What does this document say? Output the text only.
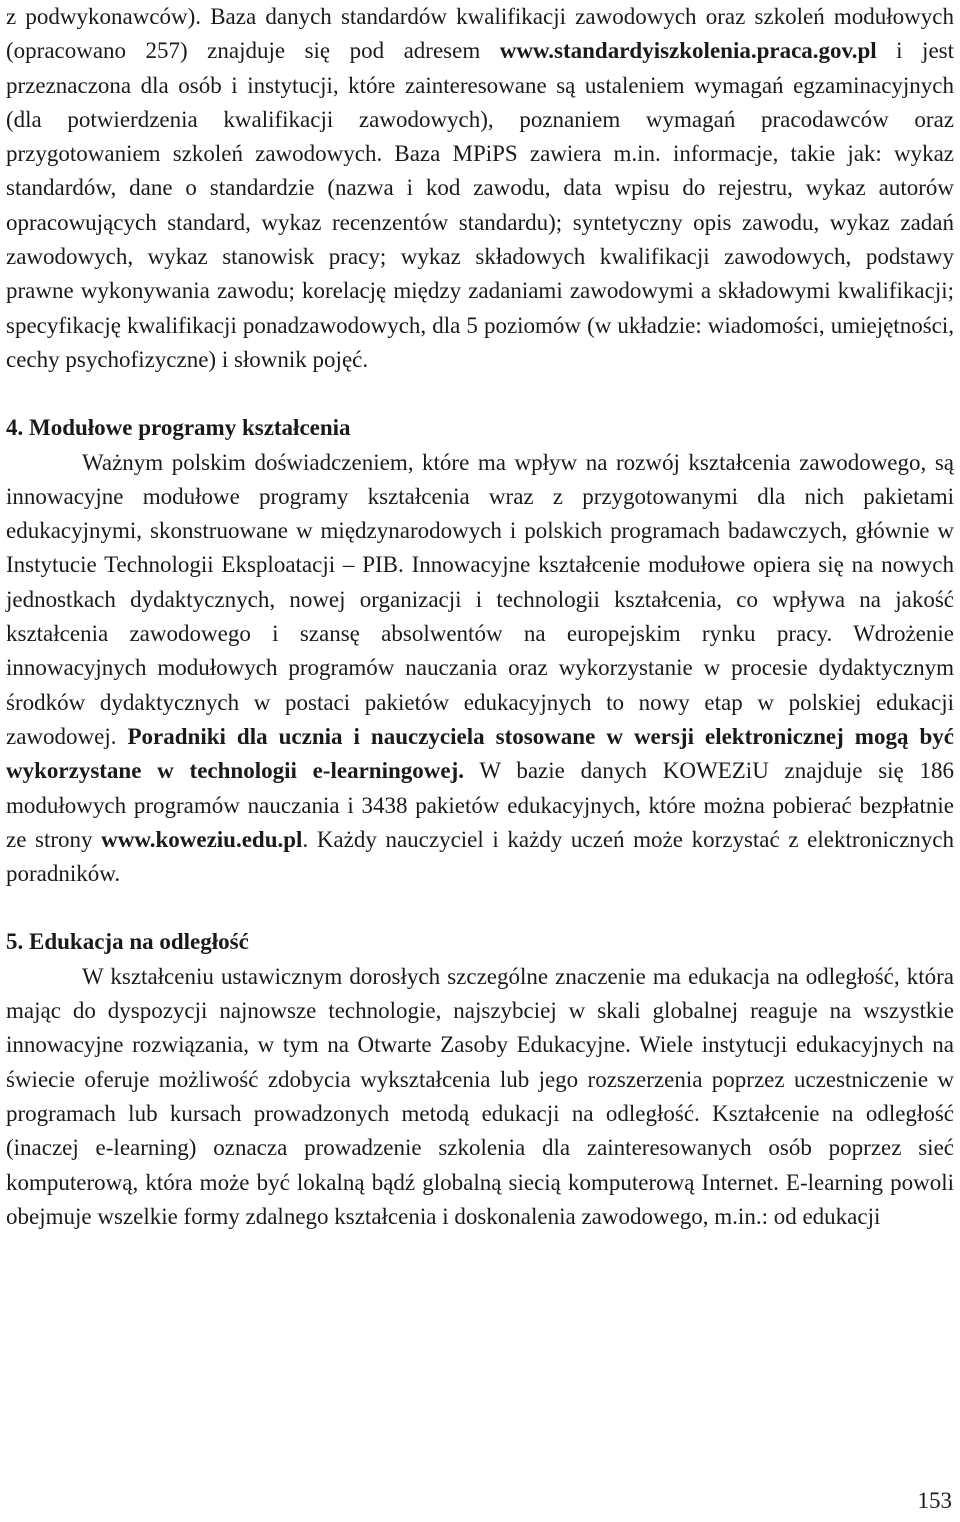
z podwykonawców). Baza danych standardów kwalifikacji zawodowych oraz szkoleń modułowych (opracowano 257) znajduje się pod adresem www.standardyiszkolenia.praca.gov.pl i jest przeznaczona dla osób i instytucji, które zainteresowane są ustaleniem wymagań egzaminacyjnych (dla potwierdzenia kwalifikacji zawodowych), poznaniem wymagań pracodawców oraz przygotowaniem szkoleń zawodowych. Baza MPiPS zawiera m.in. informacje, takie jak: wykaz standardów, dane o standardzie (nazwa i kod zawodu, data wpisu do rejestru, wykaz autorów opracowujących standard, wykaz recenzentów standardu); syntetyczny opis zawodu, wykaz zadań zawodowych, wykaz stanowisk pracy; wykaz składowych kwalifikacji zawodowych, podstawy prawne wykonywania zawodu; korelację między zadaniami zawodowymi a składowymi kwalifikacji; specyfikację kwalifikacji ponadzawodowych, dla 5 poziomów (w układzie: wiadomości, umiejętności, cechy psychofizyczne) i słownik pojęć.

4. Modułowe programy kształcenia

Ważnym polskim doświadczeniem, które ma wpływ na rozwój kształcenia zawodowego, są innowacyjne modułowe programy kształcenia wraz z przygotowanymi dla nich pakietami edukacyjnymi, skonstruowane w międzynarodowych i polskich programach badawczych, głównie w Instytucie Technologii Eksploatacji – PIB. Innowacyjne kształcenie modułowe opiera się na nowych jednostkach dydaktycznych, nowej organizacji i technologii kształcenia, co wpływa na jakość kształcenia zawodowego i szansę absolwentów na europejskim rynku pracy. Wdrożenie innowacyjnych modułowych programów nauczania oraz wykorzystanie w procesie dydaktycznym środków dydaktycznych w postaci pakietów edukacyjnych to nowy etap w polskiej edukacji zawodowej. Poradniki dla ucznia i nauczyciela stosowane w wersji elektronicznej mogą być wykorzystane w technologii e-learningowej. W bazie danych KOWEZiU znajduje się 186 modułowych programów nauczania i 3438 pakietów edukacyjnych, które można pobierać bezpłatnie ze strony www.koweziu.edu.pl. Każdy nauczyciel i każdy uczeń może korzystać z elektronicznych poradników.

5. Edukacja na odległość

W kształceniu ustawicznym dorosłych szczególne znaczenie ma edukacja na odległość, która mając do dyspozycji najnowsze technologie, najszybciej w skali globalnej reaguje na wszystkie innowacyjne rozwiązania, w tym na Otwarte Zasoby Edukacyjne. Wiele instytucji edukacyjnych na świecie oferuje możliwość zdobycia wykształcenia lub jego rozszerzenia poprzez uczestniczenie w programach lub kursach prowadzonych metodą edukacji na odległość. Kształcenie na odległość (inaczej e-learning) oznacza prowadzenie szkolenia dla zainteresowanych osób poprzez sieć komputerową, która może być lokalną bądź globalną siecią komputerową Internet. E-learning powoli obejmuje wszelkie formy zdalnego kształcenia i doskonalenia zawodowego, m.in.: od edukacji

153
